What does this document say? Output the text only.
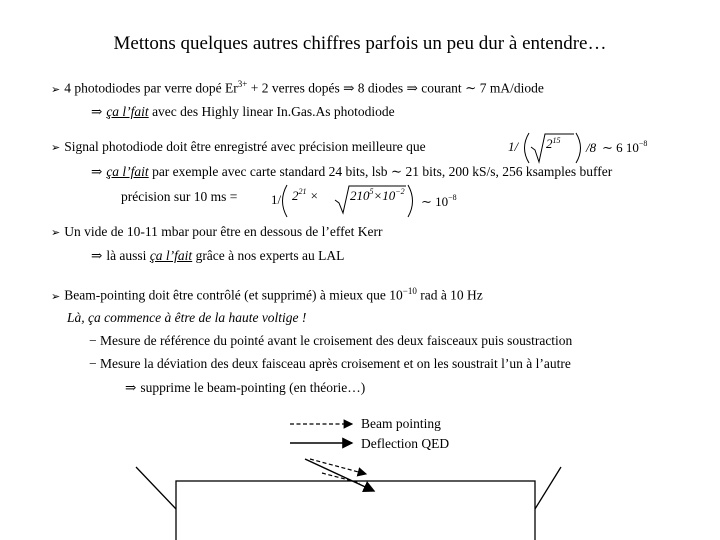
Mettons quelques autres chiffres parfois un peu dur à entendre…
➢ 4 photodiodes par verre dopé $Er^{3+} + 2$ verres dopés ⇒ 8 diodes ⇒ courant ∼ 7 mA/diode
⇒ ça l’fait avec des Highly linear In.Gas.As photodiode
➢ Signal photodiode doit être enregistré avec précision meilleure que	1/ $2^{15}$ /8 ∼ 6 $10^{-8}$
⇒ ça l’fait par exemple avec carte standard 24 bits, lsb ∼ 21 bits, 200 kS/s, 256 ksamples buffer
précision sur 10 ms =	1/ $2^{21} \times 210^5\times 10^{-2}$
∼ $10^{-8}$
➢ Un vide de 10-11 mbar pour être en dessous de l’effet Kerr
⇒ là aussi ça l’fait grâce à nos experts au LAL
➢ Beam-pointing doit être contrôlé (et supprimé) à mieux que $10^{-10}$ rad à 10 Hz
Là, ça commence à être de la haute voltige !
− Mesure de référence du pointé avant le croisement des deux faisceaux puis soustraction
− Mesure la déviation des deux faisceau après croisement et on les soustrait l’un à l’autre
⇒ supprime le beam-pointing (en théorie…)
Beam pointing
Deflection QED
